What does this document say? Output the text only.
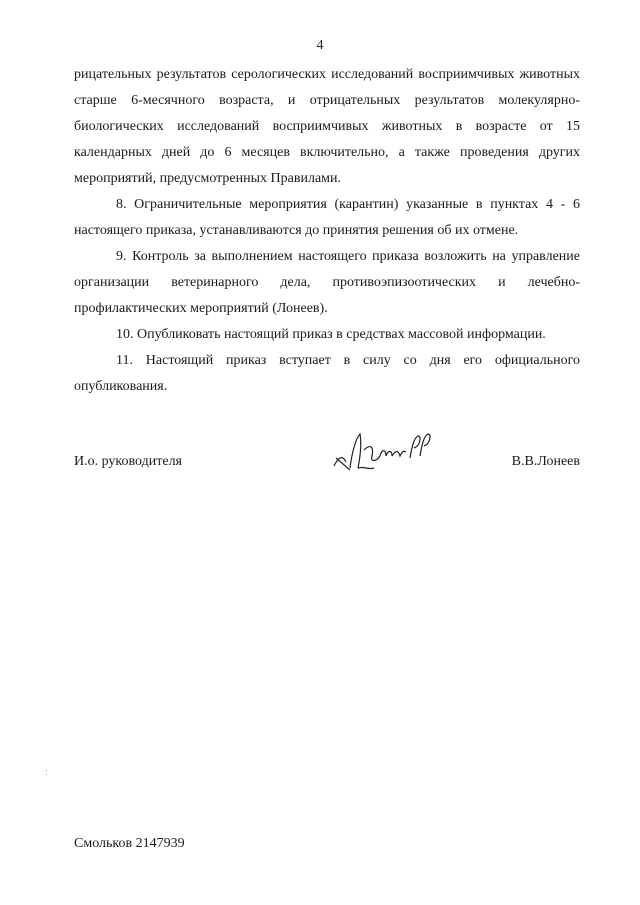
4

рицательных результатов серологических исследований восприимчивых животных старше 6-месячного возраста, и отрицательных результатов молекулярно-биологических исследований восприимчивых животных в возрасте от 15 календарных дней до 6 месяцев включительно, а также проведения других мероприятий, предусмотренных Правилами.

8. Ограничительные мероприятия (карантин) указанные в пунктах 4 - 6 настоящего приказа, устанавливаются до принятия решения об их отмене.

9. Контроль за выполнением настоящего приказа возложить на управление организации ветеринарного дела, противоэпизоотических и лечебно-профилактических мероприятий (Лонеев).

10. Опубликовать настоящий приказ в средствах массовой информации.

11. Настоящий приказ вступает в силу со дня его официального опубликования.

И.о. руководителя	В.В.Лонеев
Смольков 2147939
